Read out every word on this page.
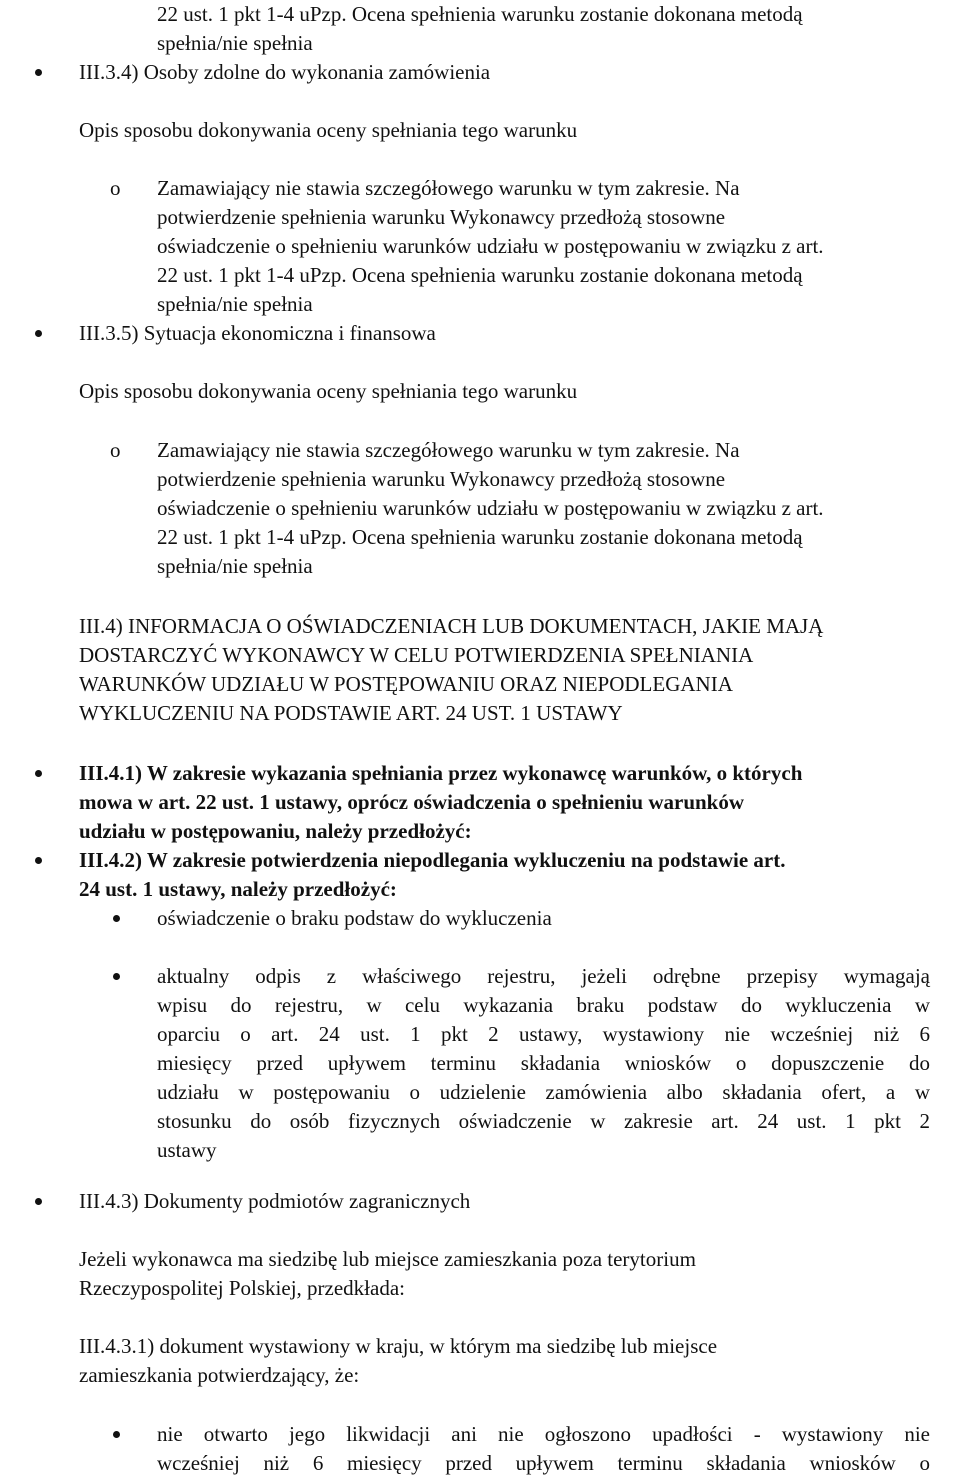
22 ust. 1 pkt 1-4 uPzp. Ocena spełnienia warunku zostanie dokonana metodą
spełnia/nie spełnia
III.3.4) Osoby zdolne do wykonania zamówienia
Opis sposobu dokonywania oceny spełniania tego warunku
o Zamawiający nie stawia szczegółowego warunku w tym zakresie. Na
potwierdzenie spełnienia warunku Wykonawcy przedłożą stosowne
oświadczenie o spełnieniu warunków udziału w postępowaniu w związku z art.
22 ust. 1 pkt 1-4 uPzp. Ocena spełnienia warunku zostanie dokonana metodą
spełnia/nie spełnia
III.3.5) Sytuacja ekonomiczna i finansowa
Opis sposobu dokonywania oceny spełniania tego warunku
o Zamawiający nie stawia szczegółowego warunku w tym zakresie. Na
potwierdzenie spełnienia warunku Wykonawcy przedłożą stosowne
oświadczenie o spełnieniu warunków udziału w postępowaniu w związku z art.
22 ust. 1 pkt 1-4 uPzp. Ocena spełnienia warunku zostanie dokonana metodą
spełnia/nie spełnia
III.4) INFORMACJA O OŚWIADCZENIACH LUB DOKUMENTACH, JAKIE MAJĄ
DOSTARCZYĆ WYKONAWCY W CELU POTWIERDZENIA SPEŁNIANIA
WARUNKÓW UDZIAŁU W POSTĘPOWANIU ORAZ NIEPODLEGANIA
WYKLUCZENIU NA PODSTAWIE ART. 24 UST. 1 USTAWY
III.4.1) W zakresie wykazania spełniania przez wykonawcę warunków, o których
mowa w art. 22 ust. 1 ustawy, oprócz oświadczenia o spełnieniu warunków
udziału w postępowaniu, należy przedłożyć:
III.4.2) W zakresie potwierdzenia niepodlegania wykluczeniu na podstawie art.
24 ust. 1 ustawy, należy przedłożyć:
oświadczenie o braku podstaw do wykluczenia
aktualny odpis z właściwego rejestru, jeżeli odrębne przepisy wymagają
wpisu do rejestru, w celu wykazania braku podstaw do wykluczenia w
oparciu o art. 24 ust. 1 pkt 2 ustawy, wystawiony nie wcześniej niż 6
miesięcy przed upływem terminu składania wniosków o dopuszczenie do
udziału w postępowaniu o udzielenie zamówienia albo składania ofert, a w
stosunku do osób fizycznych oświadczenie w zakresie art. 24 ust. 1 pkt 2
ustawy
III.4.3) Dokumenty podmiotów zagranicznych
Jeżeli wykonawca ma siedzibę lub miejsce zamieszkania poza terytorium
Rzeczypospolitej Polskiej, przedkłada:
III.4.3.1) dokument wystawiony w kraju, w którym ma siedzibę lub miejsce
zamieszkania potwierdzający, że:
nie otwarto jego likwidacji ani nie ogłoszono upadłości - wystawiony nie
wcześniej niż 6 miesięcy przed upływem terminu składania wniosków o
